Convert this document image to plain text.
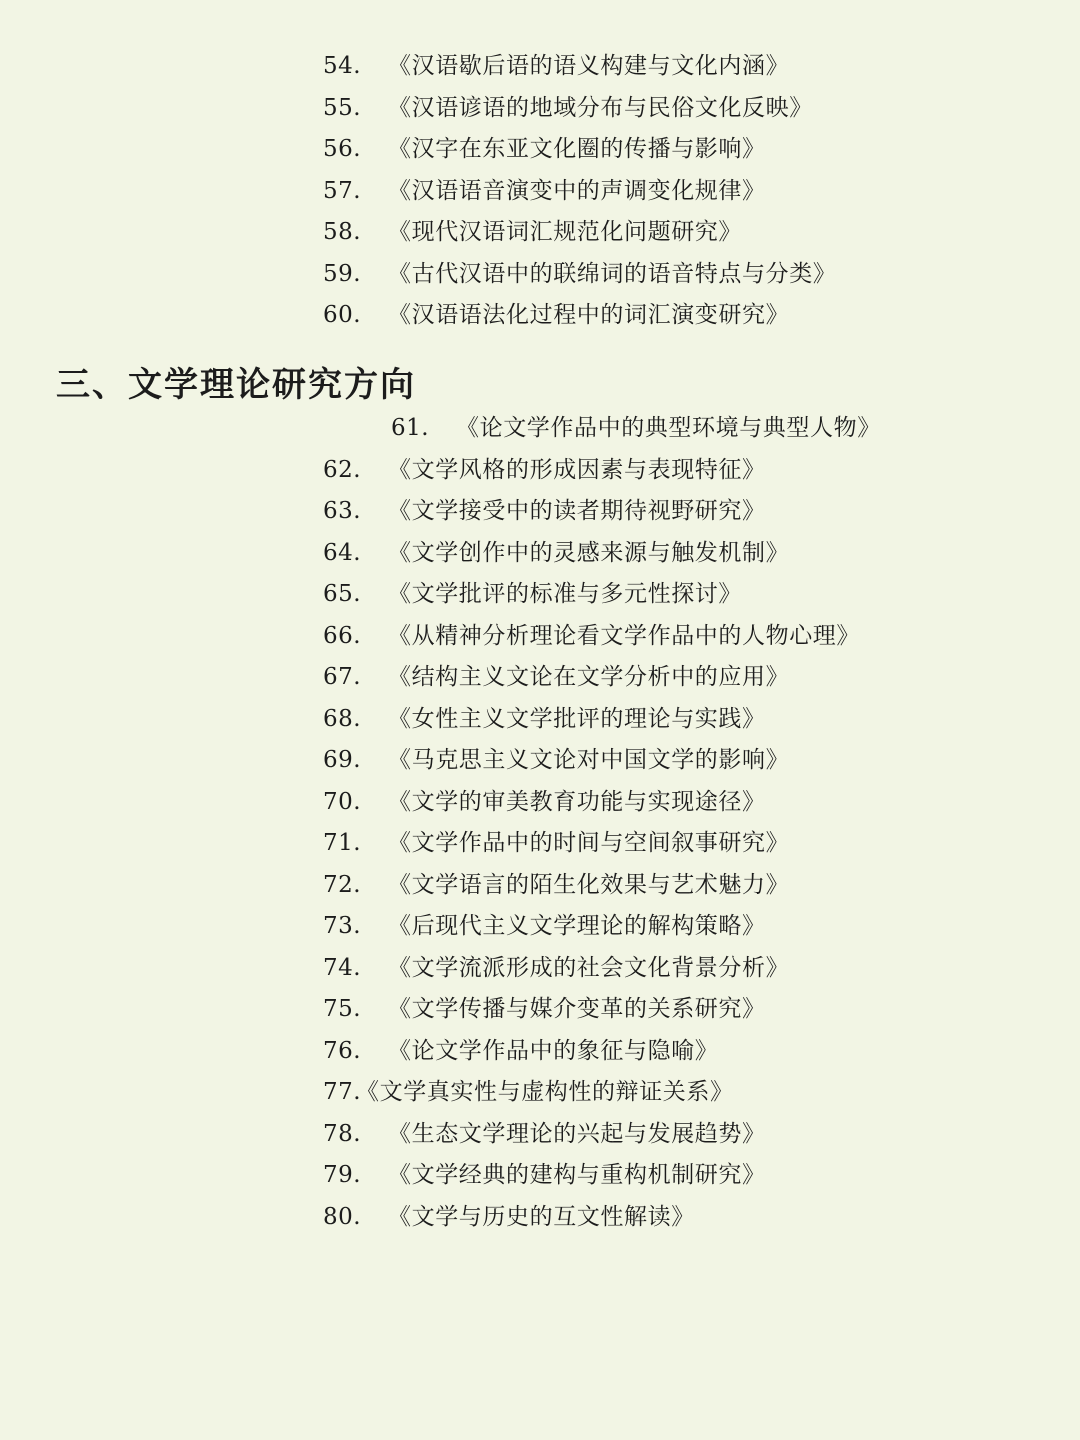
54. 《汉语歇后语的语义构建与文化内涵》
55. 《汉语谚语的地域分布与民俗文化反映》
56. 《汉字在东亚文化圈的传播与影响》
57. 《汉语语音演变中的声调变化规律》
58. 《现代汉语词汇规范化问题研究》
59. 《古代汉语中的联绵词的语音特点与分类》
60. 《汉语语法化过程中的词汇演变研究》
三、文学理论研究方向
61. 《论文学作品中的典型环境与典型人物》
62. 《文学风格的形成因素与表现特征》
63. 《文学接受中的读者期待视野研究》
64. 《文学创作中的灵感来源与触发机制》
65. 《文学批评的标准与多元性探讨》
66. 《从精神分析理论看文学作品中的人物心理》
67. 《结构主义文论在文学分析中的应用》
68. 《女性主义文学批评的理论与实践》
69. 《马克思主义文论对中国文学的影响》
70. 《文学的审美教育功能与实现途径》
71. 《文学作品中的时间与空间叙事研究》
72. 《文学语言的陌生化效果与艺术魅力》
73. 《后现代主义文学理论的解构策略》
74. 《文学流派形成的社会文化背景分析》
75. 《文学传播与媒介变革的关系研究》
76. 《论文学作品中的象征与隐喻》
77.
《文学真实性与虚构性的辩证关系》
78. 《生态文学理论的兴起与发展趋势》
79. 《文学经典的建构与重构机制研究》
80. 《文学与历史的互文性解读》
